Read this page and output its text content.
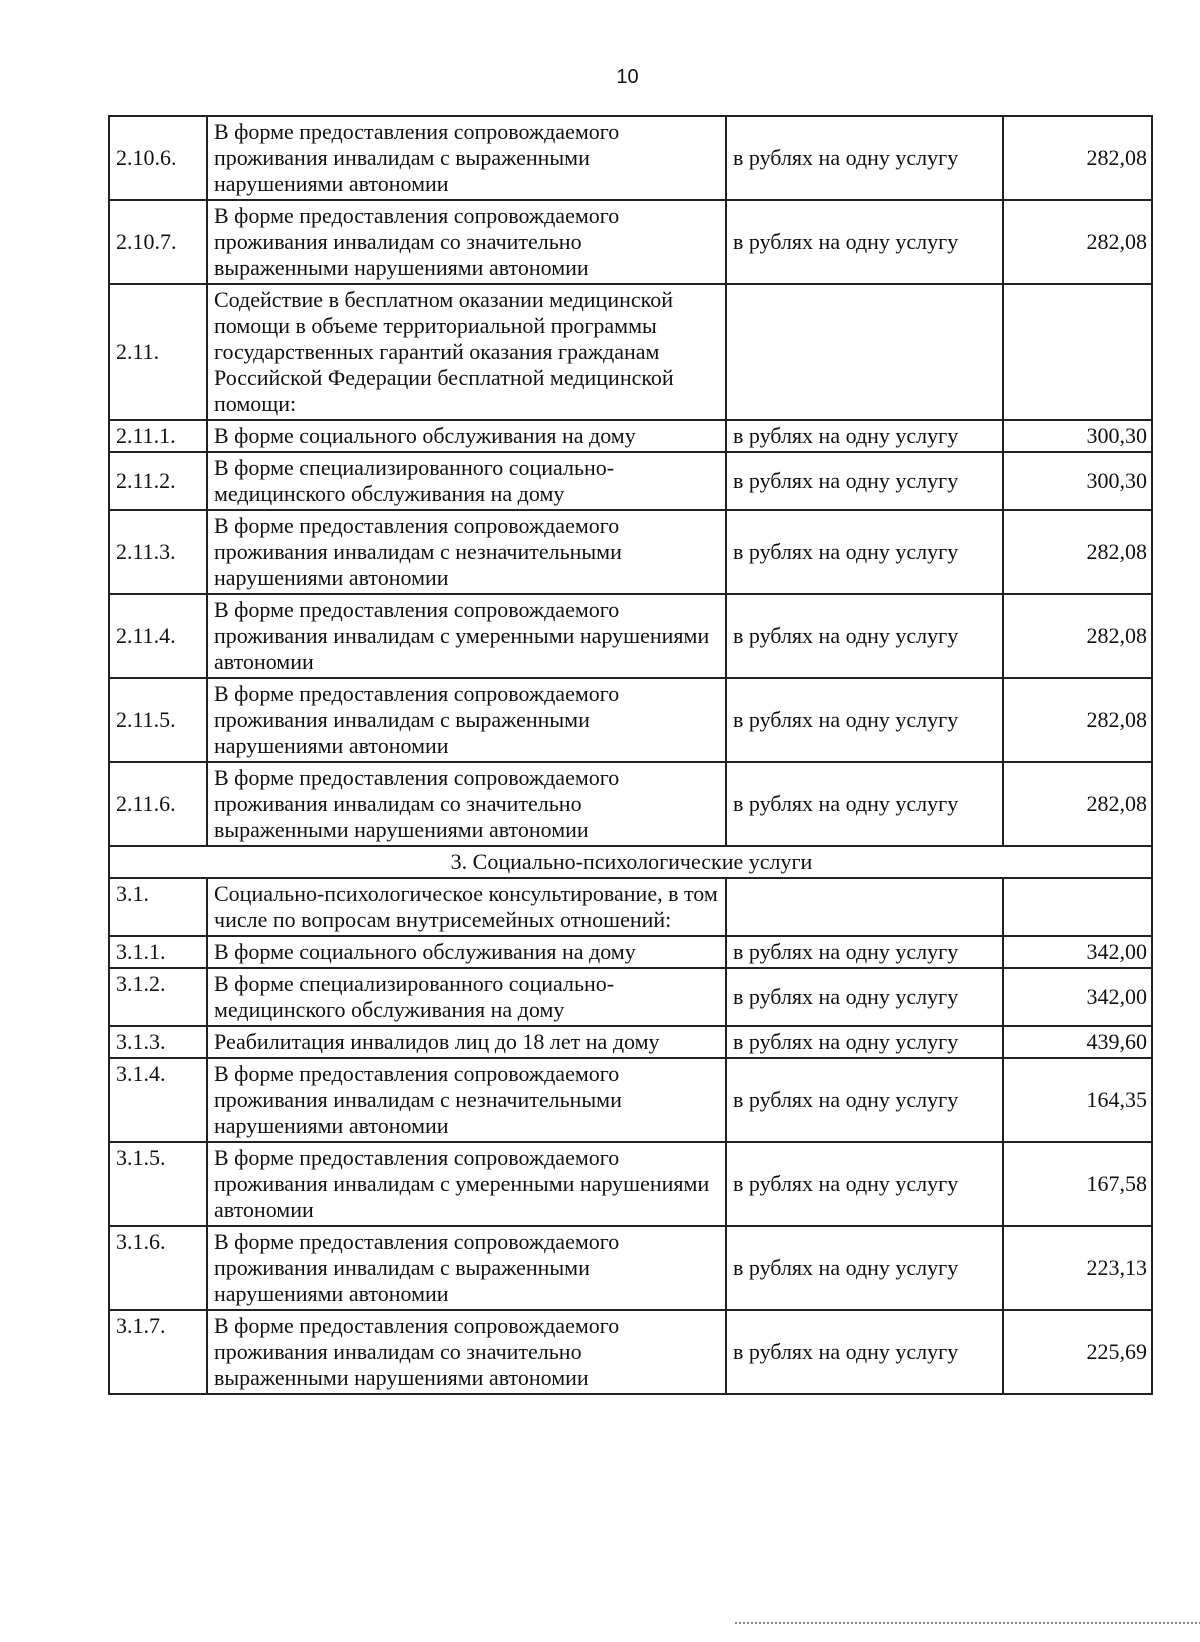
10
2.10.6.	В форме предоставления сопровождаемого проживания инвалидам с выраженными нарушениями автономии	в рублях на одну услугу	282,08
2.10.7.	В форме предоставления сопровождаемого проживания инвалидам со значительно выраженными нарушениями автономии	в рублях на одну услугу	282,08
2.11.	Содействие в бесплатном оказании медицинской помощи в объеме территориальной программы государственных гарантий оказания гражданам Российской Федерации бесплатной медицинской помощи:		
2.11.1.	В форме социального обслуживания на дому	в рублях на одну услугу	300,30
2.11.2.	В форме специализированного социально-медицинского обслуживания на дому	в рублях на одну услугу	300,30
2.11.3.	В форме предоставления сопровождаемого проживания инвалидам с незначительными нарушениями автономии	в рублях на одну услугу	282,08
2.11.4.	В форме предоставления сопровождаемого проживания инвалидам с умеренными нарушениями автономии	в рублях на одну услугу	282,08
2.11.5.	В форме предоставления сопровождаемого проживания инвалидам с выраженными нарушениями автономии	в рублях на одну услугу	282,08
2.11.6.	В форме предоставления сопровождаемого проживания инвалидам со значительно выраженными нарушениями автономии	в рублях на одну услугу	282,08
3. Социально-психологические услуги			
3.1.	Социально-психологическое консультирование, в том числе по вопросам внутрисемейных отношений:		
3.1.1.	В форме социального обслуживания на дому	в рублях на одну услугу	342,00
3.1.2.	В форме специализированного социально-медицинского обслуживания на дому	в рублях на одну услугу	342,00
3.1.3.	Реабилитация инвалидов лиц до 18 лет на дому	в рублях на одну услугу	439,60
3.1.4.	В форме предоставления сопровождаемого проживания инвалидам с незначительными нарушениями автономии	в рублях на одну услугу	164,35
3.1.5.	В форме предоставления сопровождаемого проживания инвалидам с умеренными нарушениями автономии	в рублях на одну услугу	167,58
3.1.6.	В форме предоставления сопровождаемого проживания инвалидам с выраженными нарушениями автономии	в рублях на одну услугу	223,13
3.1.7.	В форме предоставления сопровождаемого проживания инвалидам со значительно выраженными нарушениями автономии	в рублях на одну услугу	225,69
